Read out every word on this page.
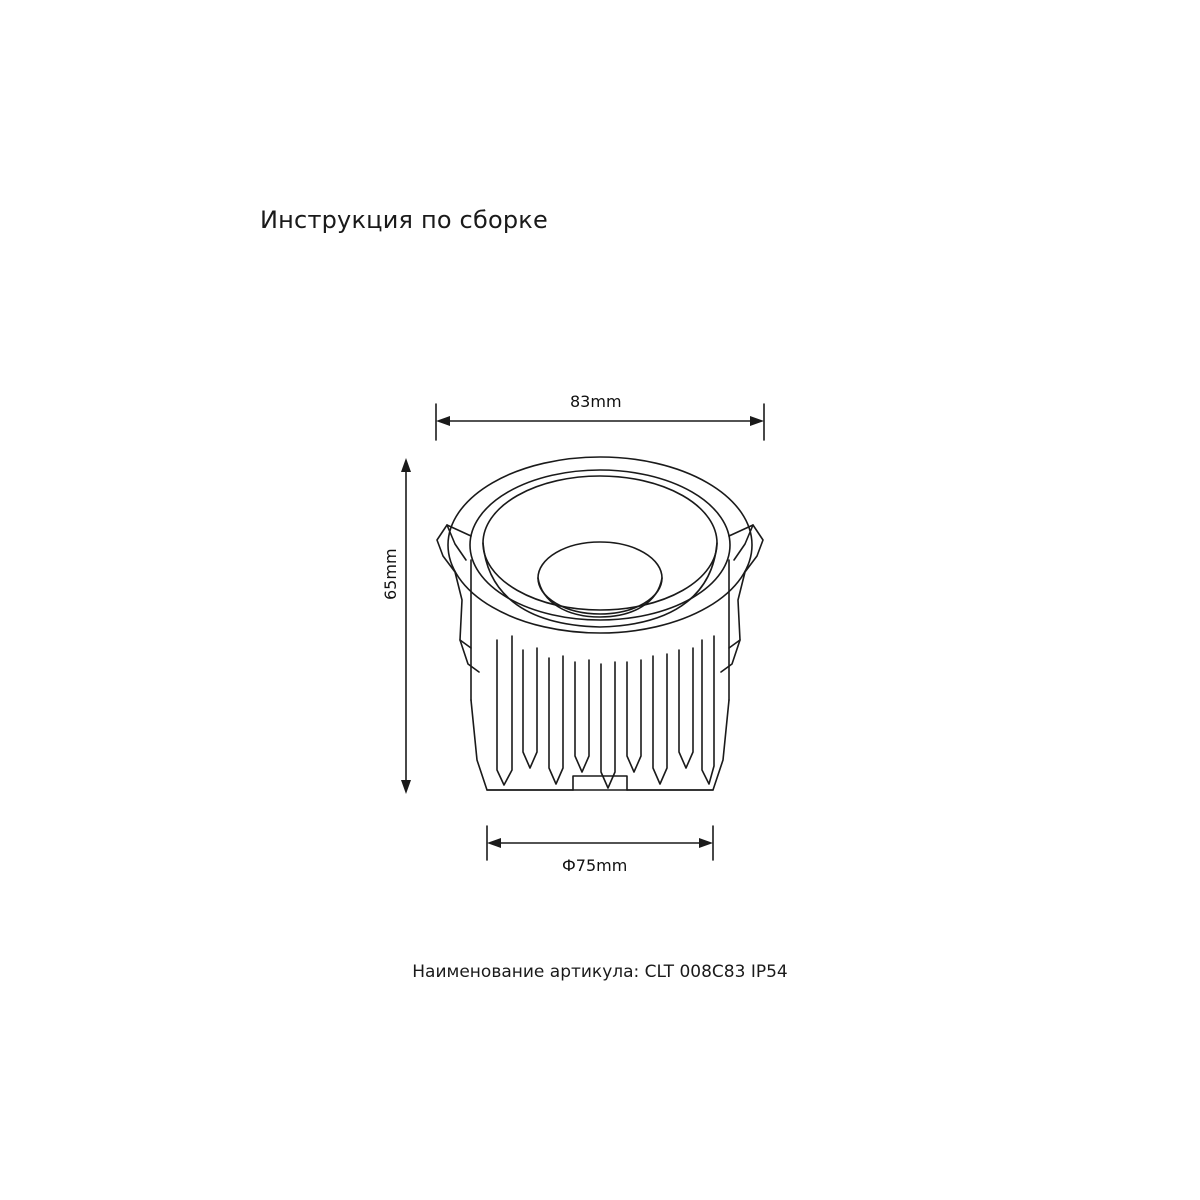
Инструкция по сборке
83mm
65mm
Ф75mm
Наименование артикула: CLT 008C83 IP54
